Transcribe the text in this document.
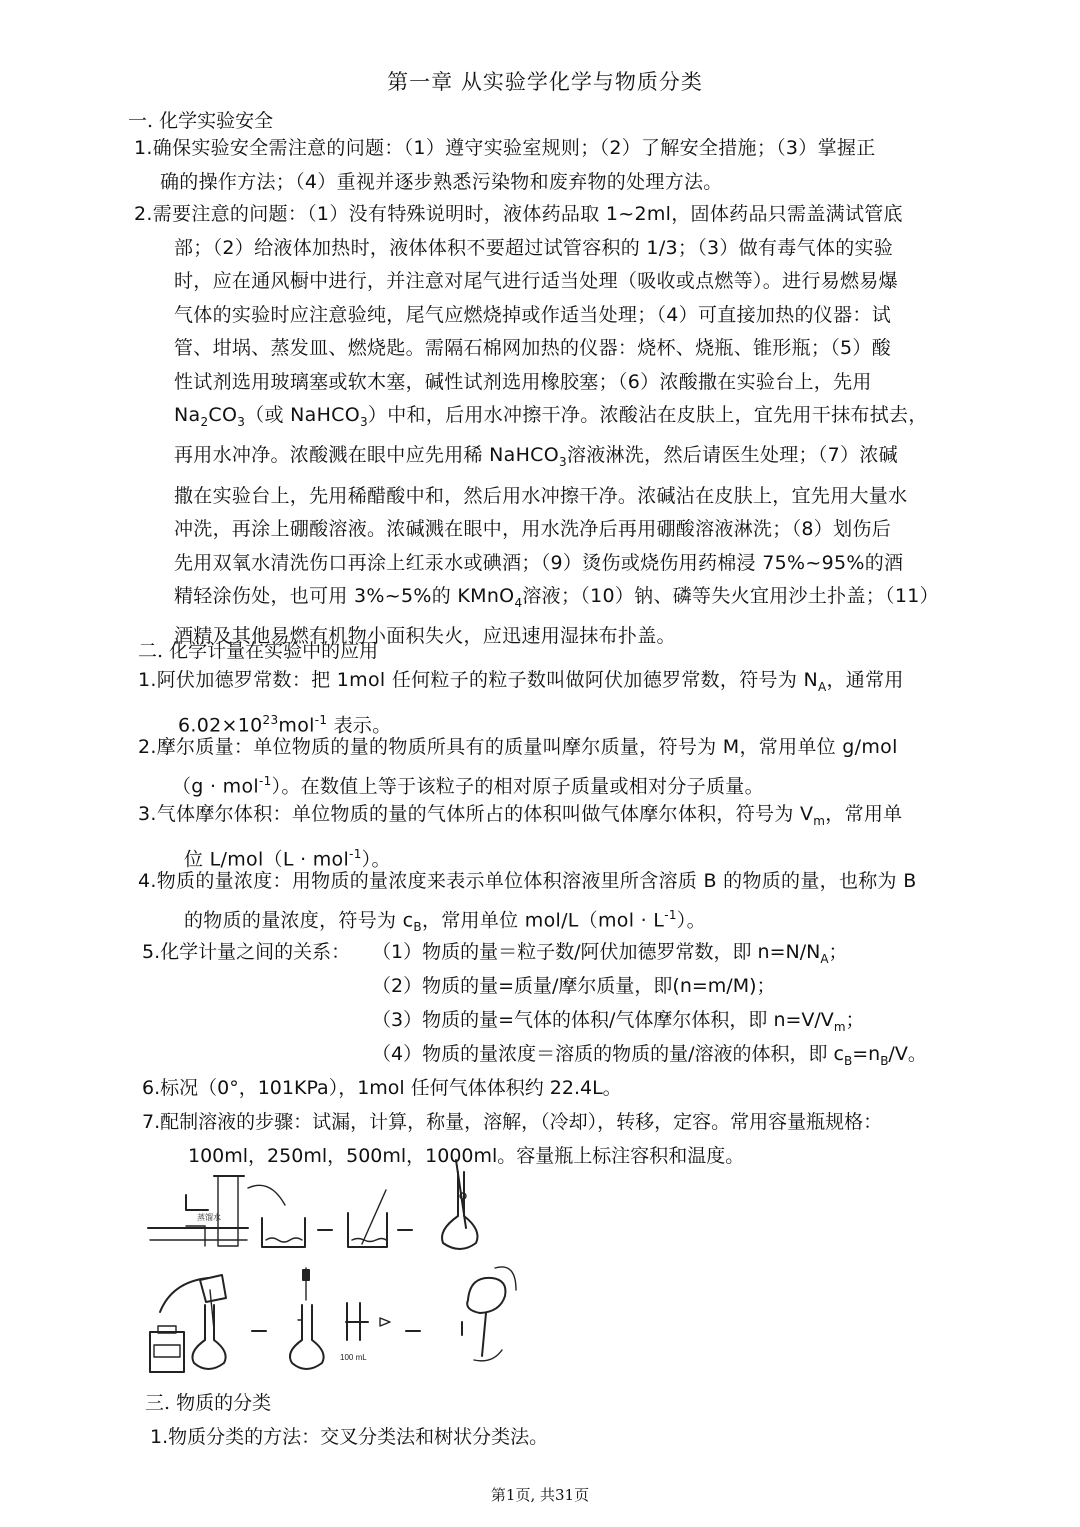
第一章 从实验学化学与物质分类
一. 化学实验安全

1.确保实验安全需注意的问题：（1）遵守实验室规则；（2）了解安全措施；（3）掌握正

确的操作方法；（4）重视并逐步熟悉污染物和废弃物的处理方法。

2.需要注意的问题：（1）没有特殊说明时，液体药品取 1~2ml，固体药品只需盖满试管底

部；（2）给液体加热时，液体体积不要超过试管容积的 1/3；（3）做有毒气体的实验

时，应在通风橱中进行，并注意对尾气进行适当处理（吸收或点燃等）。进行易燃易爆

气体的实验时应注意验纯，尾气应燃烧掉或作适当处理；（4）可直接加热的仪器：试

管、坩埚、蒸发皿、燃烧匙。需隔石棉网加热的仪器：烧杯、烧瓶、锥形瓶；（5）酸

性试剂选用玻璃塞或软木塞，碱性试剂选用橡胶塞；（6）浓酸撒在实验台上，先用

$Na_2CO_3$（或 NaHCO$_3$）中和，后用水冲擦干净。浓酸沾在皮肤上，宜先用干抹布拭去，

再用水冲净。浓酸溅在眼中应先用稀 NaHCO$_3$溶液淋洗，然后请医生处理；（7）浓碱

撒在实验台上，先用稀醋酸中和，然后用水冲擦干净。浓碱沾在皮肤上，宜先用大量水

冲洗，再涂上硼酸溶液。浓碱溅在眼中，用水洗净后再用硼酸溶液淋洗；（8）划伤后

先用双氧水清洗伤口再涂上红汞水或碘酒；（9）烫伤或烧伤用药棉浸 75%~95%的酒

精轻涂伤处，也可用 3%~5%的 KMnO$_4$溶液；（10）钠、磷等失火宜用沙土扑盖；（11）

酒精及其他易燃有机物小面积失火，应迅速用湿抹布扑盖。

二. 化学计量在实验中的应用

1.阿伏加德罗常数：把 1mol 任何粒子的粒子数叫做阿伏加德罗常数，符号为 $N_A$，通常用

$6.02\times 10^{23}mol^{-1}$ 表示。

2.摩尔质量：单位物质的量的物质所具有的质量叫摩尔质量，符号为 M，常用单位 g/mol

（g · mol$^{-1}$）。在数值上等于该粒子的相对原子质量或相对分子质量。

3.气体摩尔体积：单位物质的量的气体所占的体积叫做气体摩尔体积，符号为 $V_m$，常用单

位 L/mol（L · mol$^{-1}$）。

4.物质的量浓度：用物质的量浓度来表示单位体积溶液里所含溶质 B 的物质的量，也称为 B

的物质的量浓度，符号为 $c_B$，常用单位 $mol/L(mol \cdot L^{-1})$。

5.化学计量之间的关系： （1）物质的量＝粒子数/阿伏加德罗常数，即 $n=N/N_A$；
（2）物质的量=质量/摩尔质量，即(n=m/M)；
（3）物质的量=气体的体积/气体摩尔体积，即 $n=V/V_m$；
（4）物质的量浓度＝溶质的物质的量/溶液的体积，即 $c_B=n_B/V$。
6.标况（0°，101KPa），1mol 任何气体体积约 22.4L。
7.配制溶液的步骤：试漏，计算，称量，溶解，（冷却），转移，定容。常用容量瓶规格：
100ml，250ml，500ml，1000ml。容量瓶上标注容积和温度。
蒸馏水
100 mL
三. 物质的分类
1.物质分类的方法：交叉分类法和树状分类法。
第1页, 共31页
